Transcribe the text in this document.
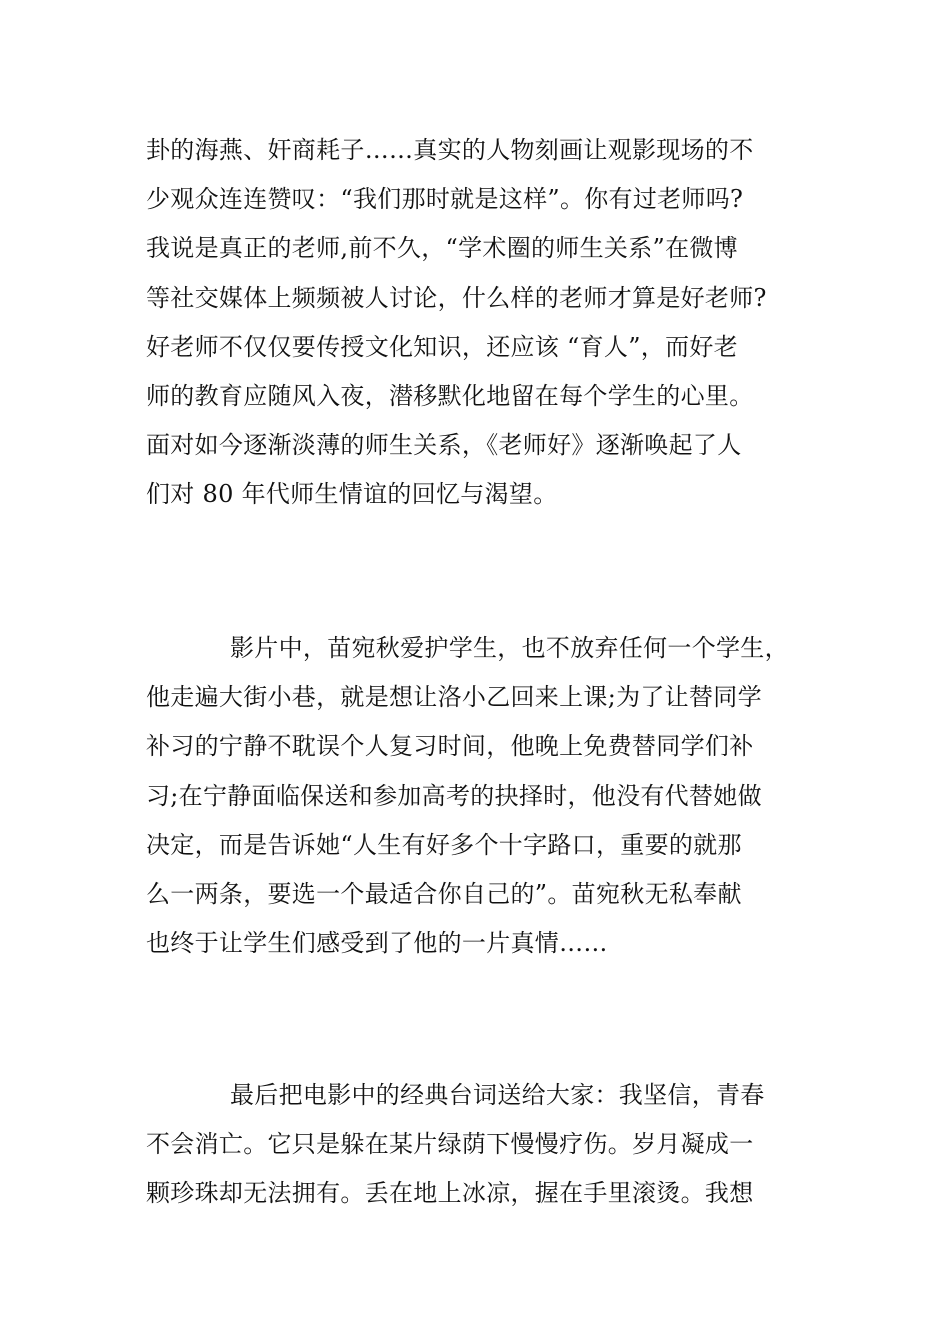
卦的海燕、奸商耗子……真实的人物刻画让观影现场的不
少观众连连赞叹：“我们那时就是这样”。你有过老师吗?
我说是真正的老师,前不久，“学术圈的师生关系”在微博
等社交媒体上频频被人讨论，什么样的老师才算是好老师?
好老师不仅仅要传授文化知识，还应该 “育人”，而好老
师的教育应随风入夜，潜移默化地留在每个学生的心里。
面对如今逐渐淡薄的师生关系，《老师好》逐渐唤起了人
们对 80 年代师生情谊的回忆与渴望。
影片中，苗宛秋爱护学生，也不放弃任何一个学生，
他走遍大街小巷，就是想让洛小乙回来上课;为了让替同学
补习的宁静不耽误个人复习时间，他晚上免费替同学们补
习;在宁静面临保送和参加高考的抉择时，他没有代替她做
决定，而是告诉她“人生有好多个十字路口，重要的就那
么一两条，要选一个最适合你自己的”。苗宛秋无私奉献
也终于让学生们感受到了他的一片真情……
最后把电影中的经典台词送给大家：我坚信，青春
不会消亡。它只是躲在某片绿荫下慢慢疗伤。岁月凝成一
颗珍珠却无法拥有。丢在地上冰凉，握在手里滚烫。我想
